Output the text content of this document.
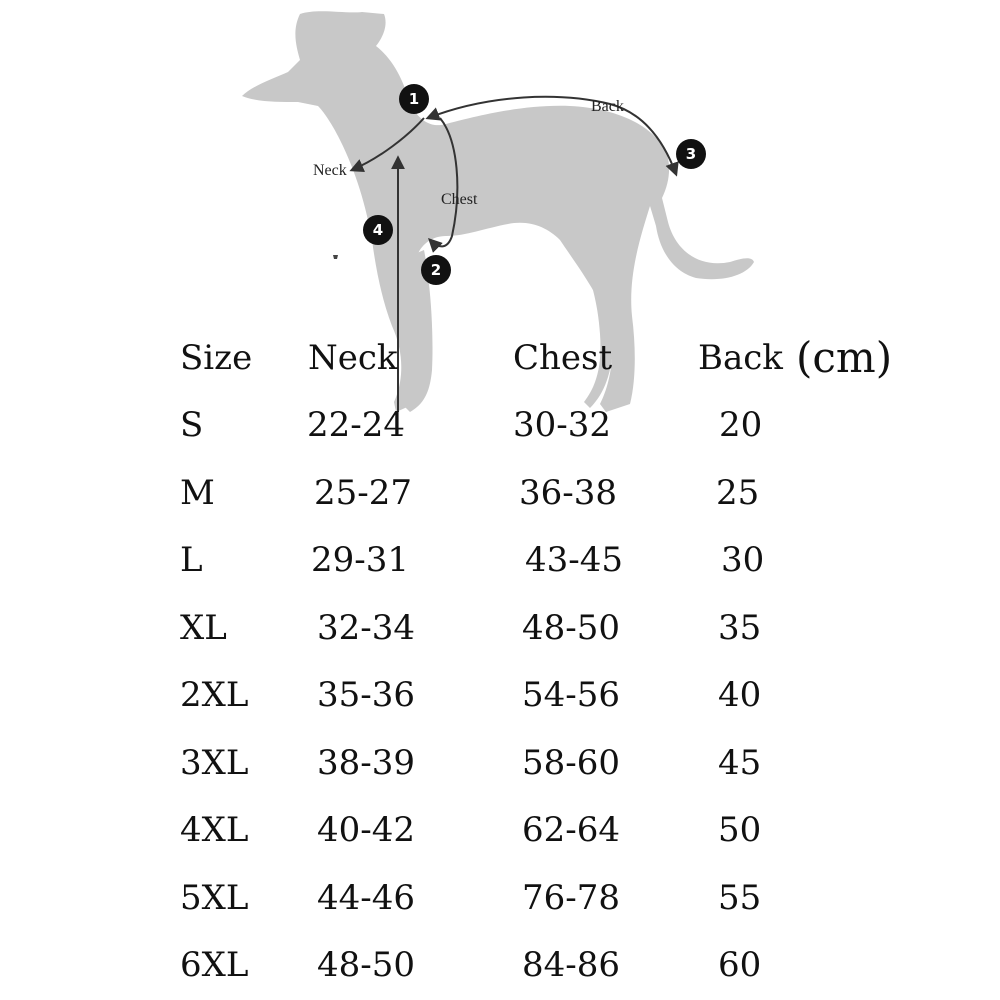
Neck
Chest
Back
1
2
3
4
Size Neck	Chest	Back (cm)
S	22-24	30-32	20
M	25-27	36-38	25
L	29-31	43-45	30
XL	32-34	48-50	35
2XL 35-36	54-56	40
3XL 38-39	58-60	45
4XL 40-42	62-64	50
5XL 44-46	76-78	55
6XL 48-50	84-86	60
